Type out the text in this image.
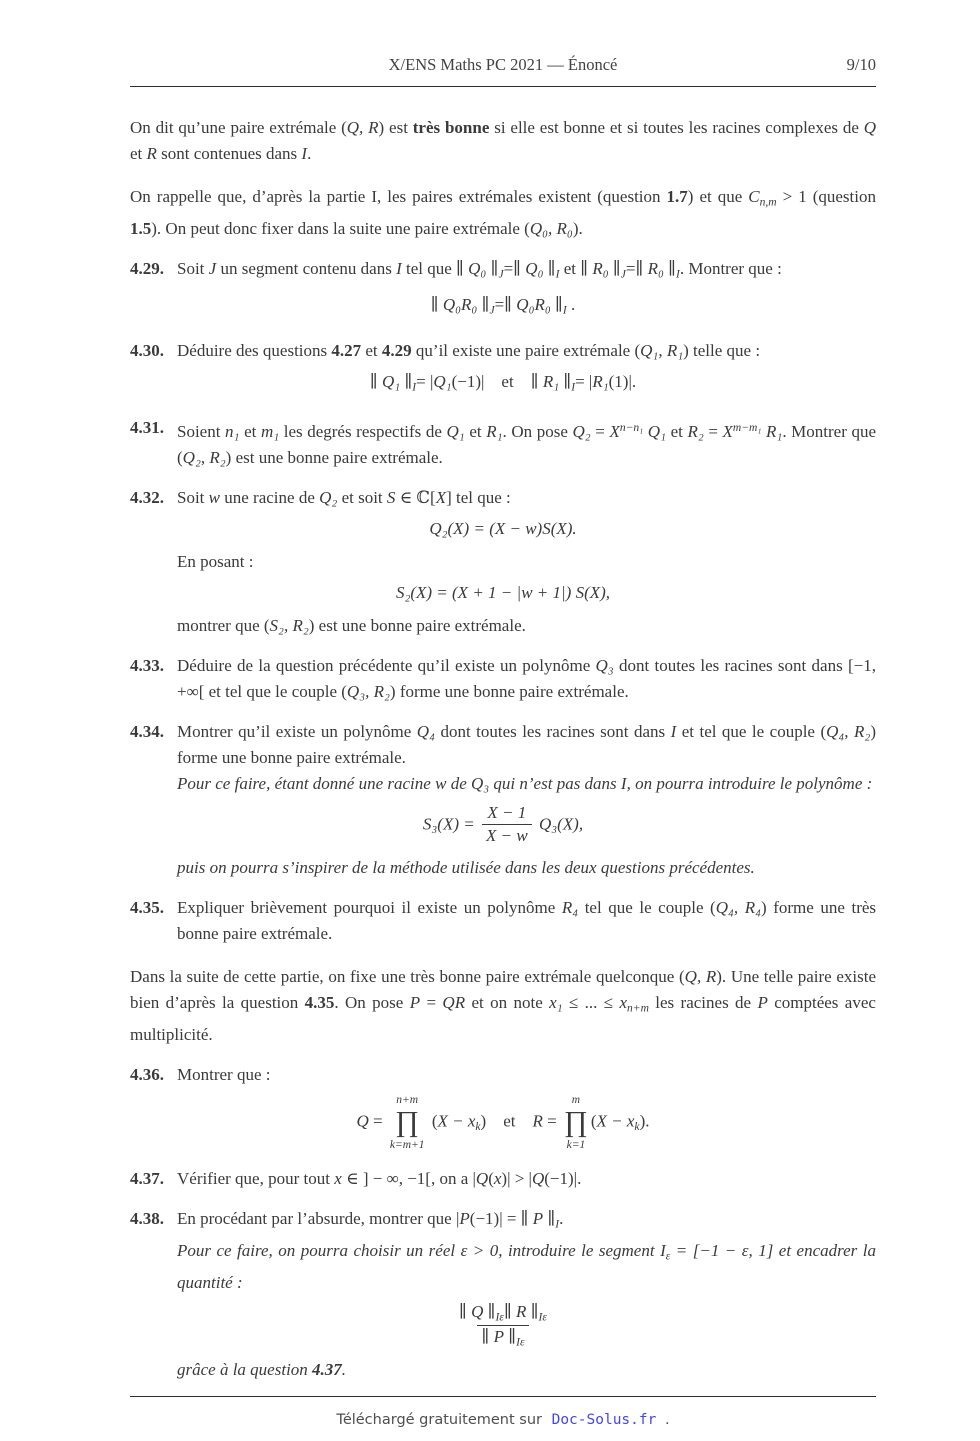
X/ENS Maths PC 2021 — Énoncé	9/10
On dit qu’une paire extrémale (Q, R) est très bonne si elle est bonne et si toutes les racines complexes de Q et R sont contenues dans I.
On rappelle que, d’après la partie I, les paires extrémales existent (question 1.7) et que $C_{n,m} > 1$ (question 1.5). On peut donc fixer dans la suite une paire extrémale (Q₀, R₀).
4.29. Soit J un segment contenu dans I tel que ∥ Q₀ $\parallel_J=\parallel$ Q₀ $\parallel_I$ et ∥ R₀ $\parallel_J=\parallel$ R₀ $\parallel_I$. Montrer que :
∥ Q₀R₀ $\parallel_J=\parallel$ Q₀R₀ $\parallel_I$ .
4.30. Déduire des questions 4.27 et 4.29 qu’il existe une paire extrémale (Q₁, R₁) telle que :
∥ Q₁ $\parallel_I= |Q_1(-1)|$ et ∥ R₁ $\parallel_I= |R_1(1)|$.
4.31. Soient n₁ et m₁ les degrés respectifs de Q₁ et R₁. On pose $Q_2 = X^{n-n_1}$ Q₁ et $R_2 = X^{m-m_1}$ R₁. Montrer que (Q₂, R₂) est une bonne paire extrémale.
4.32. Soit w une racine de Q₂ et soit S ∈ ℂ[X] tel que :
Q₂(X) = (X − w)S(X).
En posant :
S₂(X) = (X + 1 − |w + 1|) S(X),
montrer que (S₂, R₂) est une bonne paire extrémale.
4.33. Déduire de la question précédente qu’il existe un polynôme Q₃ dont toutes les racines sont dans [−1, +∞[ et tel que le couple (Q₃, R₂) forme une bonne paire extrémale.
4.34. Montrer qu’il existe un polynôme Q₄ dont toutes les racines sont dans I et tel que le couple (Q₄, R₂) forme une bonne paire extrémale.
Pour ce faire, étant donné une racine w de Q₃ qui n’est pas dans I, on pourra introduire le polynôme :
$S_3(X) = \frac{X - 1}{X - w} Q_3(X)$,
puis on pourra s’inspirer de la méthode utilisée dans les deux questions précédentes.
4.35. Expliquer brièvement pourquoi il existe un polynôme R₄ tel que le couple (Q₄, R₄) forme une très bonne paire extrémale.
Dans la suite de cette partie, on fixe une très bonne paire extrémale quelconque (Q, R). Une telle paire existe bien d’après la question 4.35. On pose P = QR et on note x₁ ≤ ... ≤ $x_{n+m}$ les racines de P comptées avec multiplicité.
4.36. Montrer que :
Q =
n+m
∏
k=m+1
$(X - x_k)$ et R =
m
∏
k=1
$(X - x_k)$.
4.37. Vérifier que, pour tout x ∈ ] − ∞, −1[, on a |Q(x)| > |Q(−1)|.
4.38. En procédant par l’absurde, montrer que |P(−1)| = ∥ P $\parallel_I$.
Pour ce faire, on pourra choisir un réel ε > 0, introduire le segment $I_\varepsilon = [-1 - \varepsilon$, 1] et encadrer la quantité :
$\frac{\parallel Q \parallel_{I\varepsilon}\parallel R \parallel_{I\varepsilon}}{\parallel P \parallel_{I\varepsilon}}$
grâce à la question 4.37.
Téléchargé gratuitement sur Doc-Solus.fr .
